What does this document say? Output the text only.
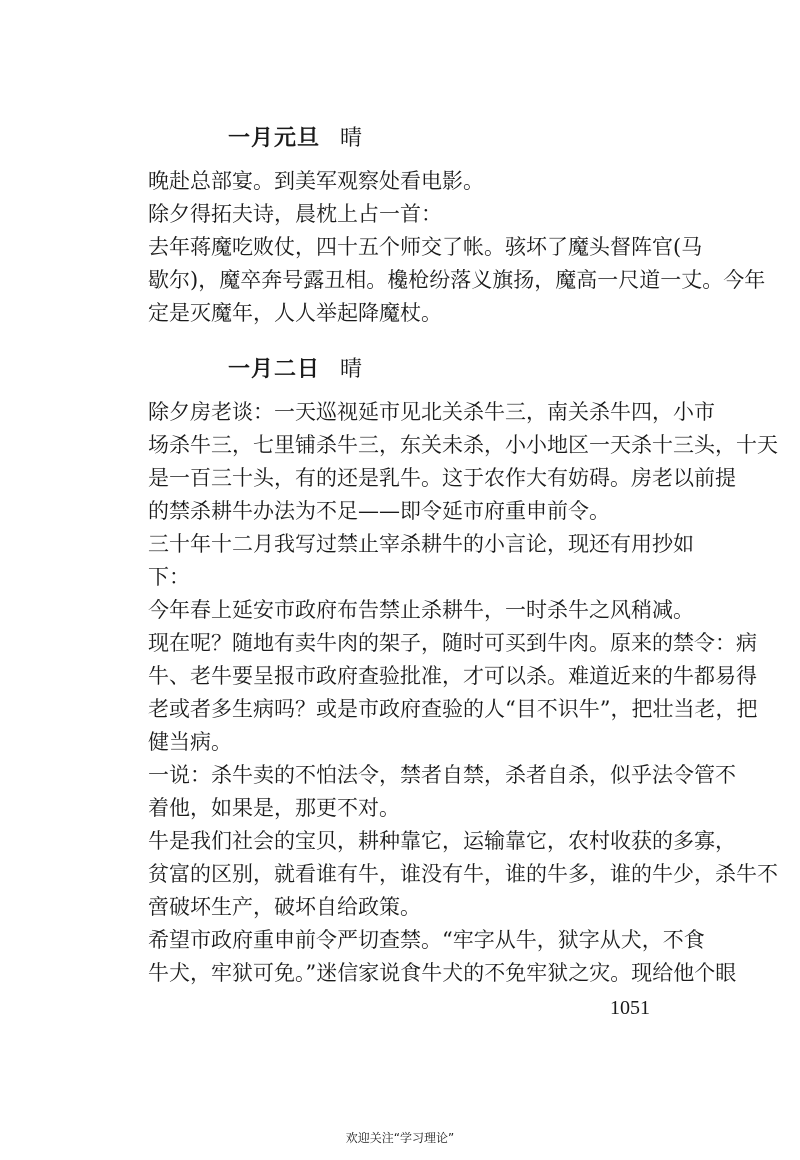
一月元旦 晴
晚赴总部宴。到美军观察处看电影。
除夕得拓夫诗，晨枕上占一首：
去年蒋魔吃败仗，四十五个师交了帐。骇坏了魔头督阵官(马
歇尔)，魔卒奔号露丑相。欃枪纷落义旗扬，魔高一尺道一丈。今年
定是灭魔年，人人举起降魔杖。
一月二日 晴
除夕房老谈：一天巡视延市见北关杀牛三，南关杀牛四，小市
场杀牛三，七里铺杀牛三，东关未杀，小小地区一天杀十三头，十天
是一百三十头，有的还是乳牛。这于农作大有妨碍。房老以前提
的禁杀耕牛办法为不足——即令延市府重申前令。
三十年十二月我写过禁止宰杀耕牛的小言论，现还有用抄如
下：
今年春上延安市政府布告禁止杀耕牛，一时杀牛之风稍减。
现在呢？随地有卖牛肉的架子，随时可买到牛肉。原来的禁令：病
牛、老牛要呈报市政府查验批准，才可以杀。难道近来的牛都易得
老或者多生病吗？或是市政府查验的人“目不识牛”，把壮当老，把
健当病。
一说：杀牛卖的不怕法令，禁者自禁，杀者自杀，似乎法令管不
着他，如果是，那更不对。
牛是我们社会的宝贝，耕种靠它，运输靠它，农村收获的多寡，
贫富的区别，就看谁有牛，谁没有牛，谁的牛多，谁的牛少，杀牛不
啻破坏生产，破坏自给政策。
希望市政府重申前令严切查禁。“牢字从牛，狱字从犬，不食
牛犬，牢狱可免。”迷信家说食牛犬的不免牢狱之灾。现给他个眼
1051
欢迎关注“学习理论”
